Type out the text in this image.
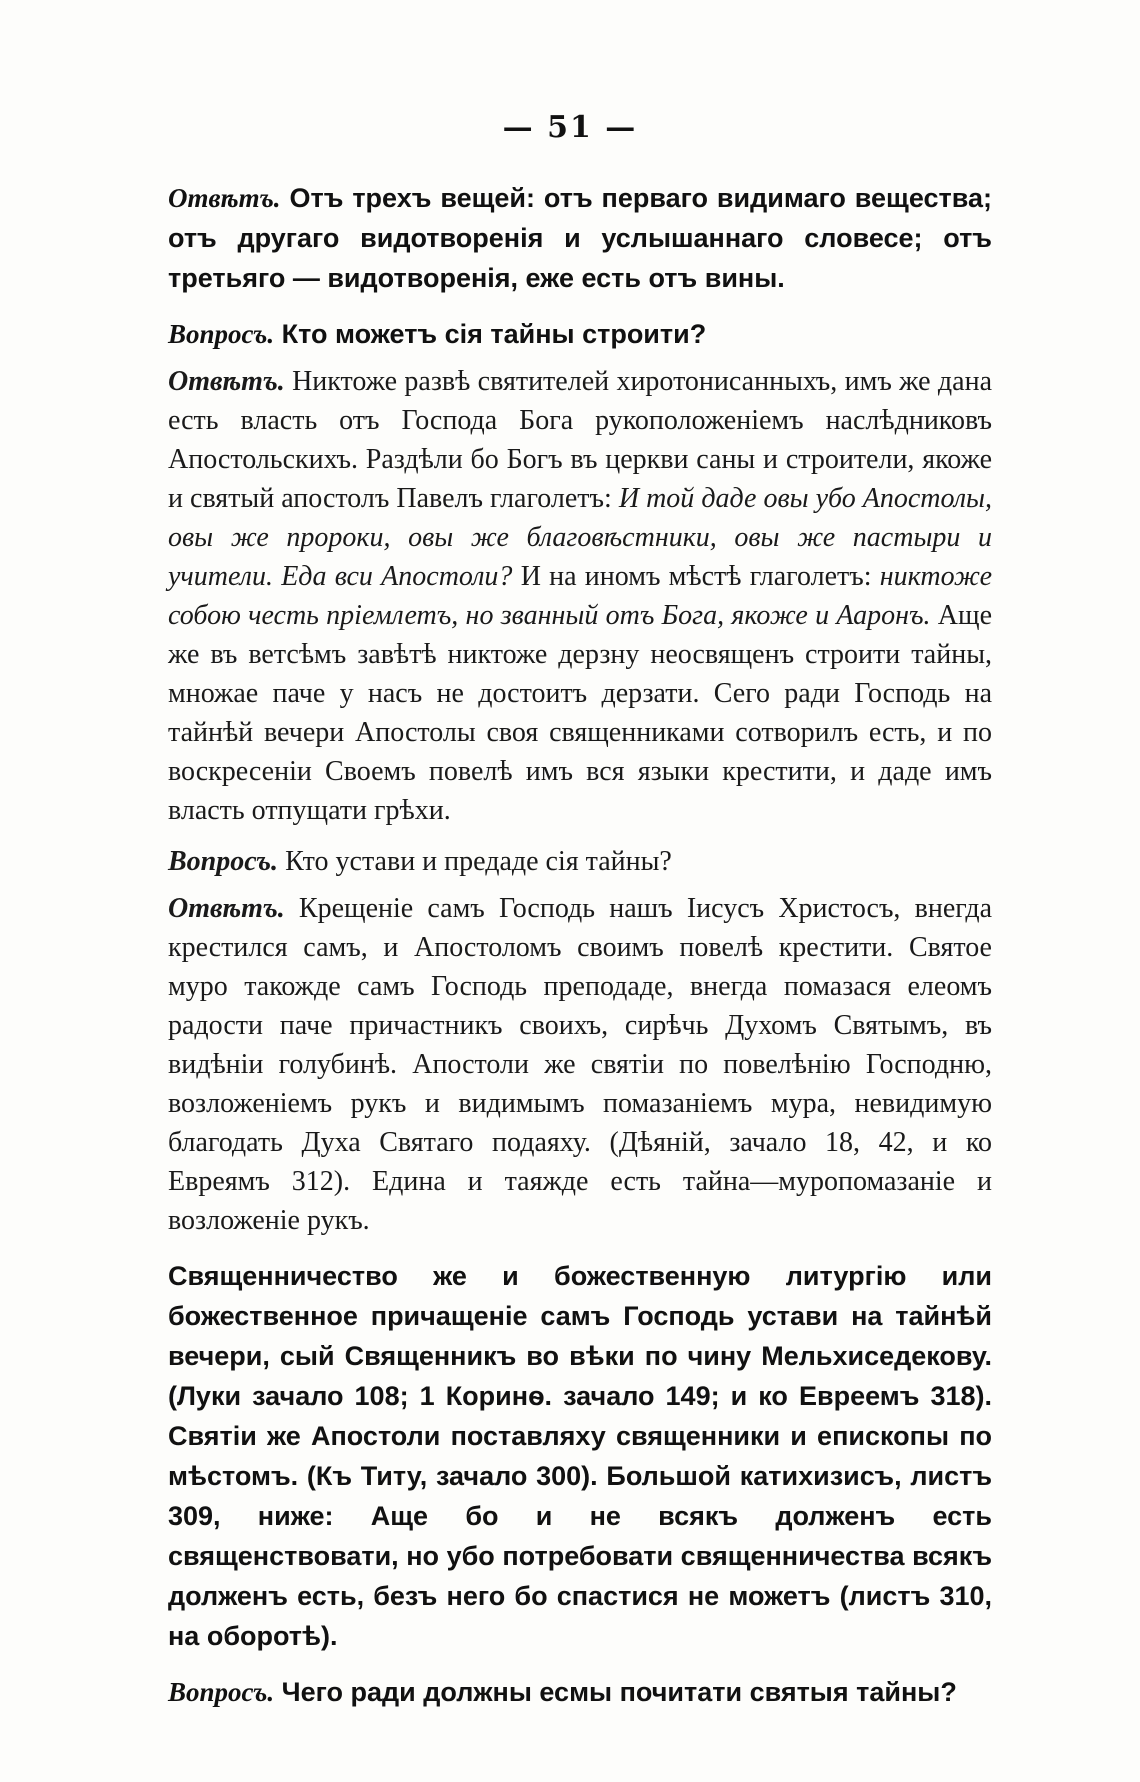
— 51 —

Отвѣтъ. Отъ трехъ вещей: отъ перваго видимаго вещества; отъ другаго видотворенія и услышаннаго словесе; отъ третьяго — видотворенія, еже есть отъ вины.

Вопросъ. Кто можетъ сія тайны строити?

Отвѣтъ. Никтоже развѣ святителей хиротонисанныхъ, имъ же дана есть власть отъ Господа Бога рукоположеніемъ наслѣдниковъ Апостольскихъ. Раздѣли бо Богъ въ церкви саны и строители, якоже и святый апостолъ Павелъ глаголетъ: И той даде овы убо Апостолы, овы же пророки, овы же благовѣстники, овы же пастыри и учители. Еда вси Апостоли? И на иномъ мѣстѣ глаголетъ: никтоже собою честь пріемлетъ, но званный отъ Бога, якоже и Ааронъ. Аще же въ ветсѣмъ завѣтѣ никтоже дерзну неосвященъ строити тайны, множае паче у насъ не достоитъ дерзати. Сего ради Господь на тайнѣй вечери Апостолы своя священниками сотворилъ есть, и по воскресеніи Своемъ повелѣ имъ вся языки крестити, и даде имъ власть отпущати грѣхи.

Вопросъ. Кто устави и предаде сія тайны?

Отвѣтъ. Крещеніе самъ Господь нашъ Іисусъ Христосъ, внегда крестился самъ, и Апостоломъ своимъ повелѣ крестити. Святое муро такожде самъ Господь преподаде, внегда помазася елеомъ радости паче причастникъ своихъ, сирѣчь Духомъ Святымъ, въ видѣніи голубинѣ. Апостоли же святіи по повелѣнію Господню, возложеніемъ рукъ и видимымъ помазаніемъ мура, невидимую благодать Духа Святаго подаяху. (Дѣяній, зачало 18, 42, и ко Евреямъ 312). Едина и таяжде есть тайна—муропомазаніе и возложеніе рукъ.

Священничество же и божественную литургію или божественное причащеніе самъ Господь устави на тайнѣй вечери, сый Священникъ во вѣки по чину Мельхиседекову. (Луки зачало 108; 1 Коринѳ. зачало 149; и ко Евреемъ 318). Святіи же Апостоли поставляху священники и епископы по мѣстомъ. (Къ Титу, зачало 300). Большой катихизисъ, листъ 309, ниже: Аще бо и не всякъ долженъ есть священствовати, но убо потребовати священничества всякъ долженъ есть, безъ него бо спастися не можетъ (листъ 310, на оборотѣ).

Вопросъ. Чего ради должны есмы почитати святыя тайны?
